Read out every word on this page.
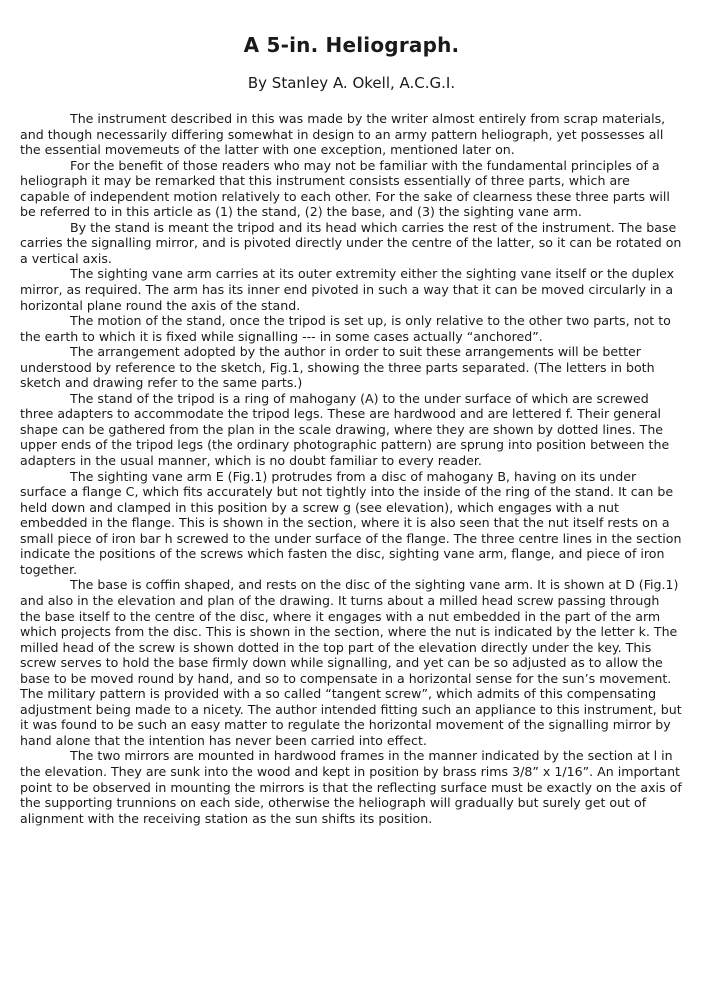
A 5-in. Heliograph.
By Stanley A. Okell, A.C.G.I.

The instrument described in this was made by the writer almost entirely from scrap materials, and though necessarily differing somewhat in design to an army pattern heliograph, yet possesses all the essential movemeuts of the latter with one exception, mentioned later on.

For the benefit of those readers who may not be familiar with the fundamental principles of a heliograph it may be remarked that this instrument consists essentially of three parts, which are capable of independent motion relatively to each other. For the sake of clearness these three parts will be referred to in this article as (1) the stand, (2) the base, and (3) the sighting vane arm.

By the stand is meant the tripod and its head which carries the rest of the instrument. The base carries the signalling mirror, and is pivoted directly under the centre of the latter, so it can be rotated on a vertical axis.

The sighting vane arm carries at its outer extremity either the sighting vane itself or the duplex mirror, as required. The arm has its inner end pivoted in such a way that it can be moved circularly in a horizontal plane round the axis of the stand.

The motion of the stand, once the tripod is set up, is only relative to the other two parts, not to the earth to which it is fixed while signalling --- in some cases actually “anchored”.

The arrangement adopted by the author in order to suit these arrangements will be better understood by reference to the sketch, Fig.1, showing the three parts separated. (The letters in both sketch and drawing refer to the same parts.)

The stand of the tripod is a ring of mahogany (A) to the under surface of which are screwed three adapters to accommodate the tripod legs. These are hardwood and are lettered f. Their general shape can be gathered from the plan in the scale drawing, where they are shown by dotted lines. The upper ends of the tripod legs (the ordinary photographic pattern) are sprung into position between the adapters in the usual manner, which is no doubt familiar to every reader.

The sighting vane arm E (Fig.1) protrudes from a disc of mahogany B, having on its under surface a flange C, which fits accurately but not tightly into the inside of the ring of the stand. It can be held down and clamped in this position by a screw g (see elevation), which engages with a nut embedded in the flange. This is shown in the section, where it is also seen that the nut itself rests on a small piece of iron bar h screwed to the under surface of the flange. The three centre lines in the section indicate the positions of the screws which fasten the disc, sighting vane arm, flange, and piece of iron together.

The base is coffin shaped, and rests on the disc of the sighting vane arm. It is shown at D (Fig.1) and also in the elevation and plan of the drawing. It turns about a milled head screw passing through the base itself to the centre of the disc, where it engages with a nut embedded in the part of the arm which projects from the disc. This is shown in the section, where the nut is indicated by the letter k. The milled head of the screw is shown dotted in the top part of the elevation directly under the key. This screw serves to hold the base firmly down while signalling, and yet can be so adjusted as to allow the base to be moved round by hand, and so to compensate in a horizontal sense for the sun’s movement. The military pattern is provided with a so called “tangent screw”, which admits of this compensating adjustment being made to a nicety. The author intended fitting such an appliance to this instrument, but it was found to be such an easy matter to regulate the horizontal movement of the signalling mirror by hand alone that the intention has never been carried into effect.

The two mirrors are mounted in hardwood frames in the manner indicated by the section at l in the elevation. They are sunk into the wood and kept in position by brass rims 3/8” x 1/16”. An important point to be observed in mounting the mirrors is that the reflecting surface must be exactly on the axis of the supporting trunnions on each side, otherwise the heliograph will gradually but surely get out of alignment with the receiving station as the sun shifts its position.
